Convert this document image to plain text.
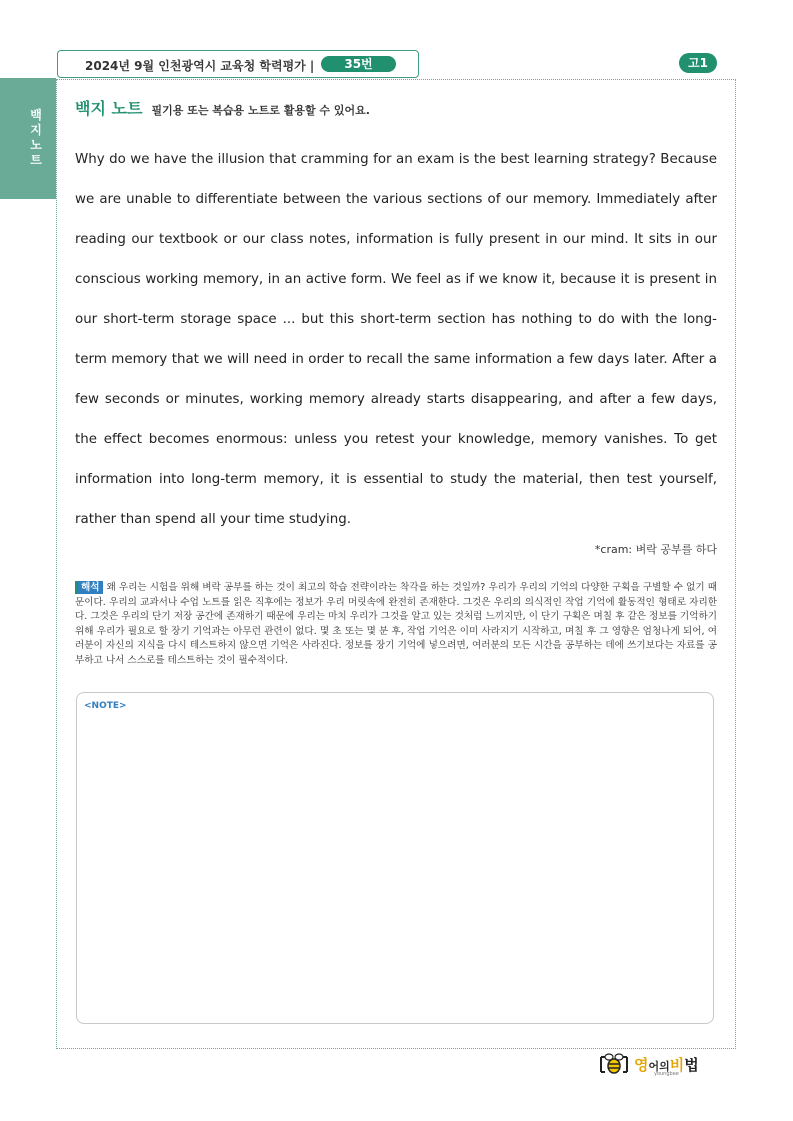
백
지
노
트
2024년 9월 인천광역시 교육청 학력평가 |	35번	고1
백지 노트 필기용 또는 복습용 노트로 활용할 수 있어요.
Why do we have the illusion that cramming for an exam is the best learning strategy? Because we are unable to differentiate between the various sections of our memory. Immediately after reading our textbook or our class notes, information is fully present in our mind. It sits in our conscious working memory, in an active form. We feel as if we know it, because it is present in our short-term storage space ... but this short-term section has nothing to do with the long-term memory that we will need in order to recall the same information a few days later. After a few seconds or minutes, working memory already starts disappearing, and after a few days, the effect becomes enormous: unless you retest your knowledge, memory vanishes. To get information into long-term memory, it is essential to study the material, then test yourself, rather than spend all your time studying.
*cram: 벼락 공부를 하다
해석 왜 우리는 시험을 위해 벼락 공부를 하는 것이 최고의 학습 전략이라는 착각을 하는 것일까? 우리가 우리의 기억의 다양한 구획을 구별할 수 없기 때문이다. 우리의 교과서나 수업 노트를 읽은 직후에는 정보가 우리 머릿속에 완전히 존재한다. 그것은 우리의 의식적인 작업 기억에 활동적인 형태로 자리한다. 그것은 우리의 단기 저장 공간에 존재하기 때문에 우리는 마치 우리가 그것을 알고 있는 것처럼 느끼지만, 이 단기 구획은 며칠 후 같은 정보를 기억하기 위해 우리가 필요로 할 장기 기억과는 아무런 관련이 없다. 몇 초 또는 몇 분 후, 작업 기억은 이미 사라지기 시작하고, 며칠 후 그 영향은 엄청나게 되어, 여러분이 자신의 지식을 다시 테스트하지 않으면 기억은 사라진다. 정보를 장기 기억에 넣으려면, 여러분의 모든 시간을 공부하는 데에 쓰기보다는 자료를 공부하고 나서 스스로를 테스트하는 것이 필수적이다.
<NOTE>
영어의비법
youngbee
